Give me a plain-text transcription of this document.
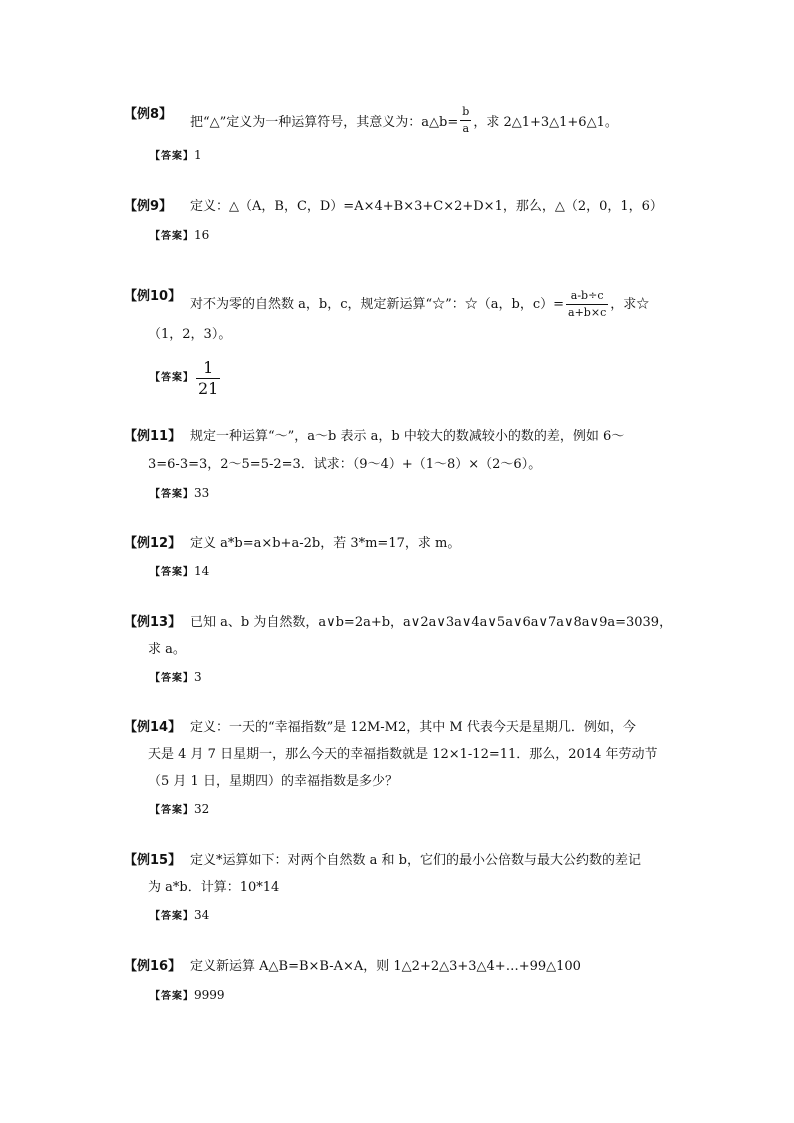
【例8】
把“△”定义为一种运算符号，其意义为：a△b= $\frac{b}{a}$ ，求 2△1+3△1+6△1。
【答案】1
【例9】 定义：△（A，B，C，D）=A×4+B×3+C×2+D×1，那么，△（2，0，1，6）
【答案】16
【例10】
对不为零的自然数 a，b，c，规定新运算“☆”：☆（a，b，$c)= \frac{a-b\div c}{a+b\times c}$ ，求☆
（1，2，3）。
【答案】 $\frac{1}{21}$
【例11】 规定一种运算“～”，a～b 表示 a，b 中较大的数减较小的数的差，例如 6～
3=6-3=3，2～5=5-2=3．试求：（9～4）+（1～8）×（2～6）。
【答案】33
【例12】 定义 a*b=a×b+a-2b，若 3*m=17，求 m。
【答案】14
【例13】 已知 a、b 为自然数，a∨b=2a+b，a∨2a∨3a∨4a∨5a∨6a∨7a∨8a∨9a=3039，
求 a。
【答案】3
【例14】 定义：一天的“幸福指数”是 12M-M2，其中 M 代表今天是星期几．例如，今
天是 4 月 7 日星期一，那么今天的幸福指数就是 12×1-12=11．那么，2014 年劳动节
（5 月 1 日，星期四）的幸福指数是多少？
【答案】32
【例15】 定义*运算如下：对两个自然数 a 和 b，它们的最小公倍数与最大公约数的差记
为 a*b．计算：10*14
【答案】34
【例16】 定义新运算 A△B=B×B-A×A，则 1△2+2△3+3△4+…+99△100
【答案】9999
